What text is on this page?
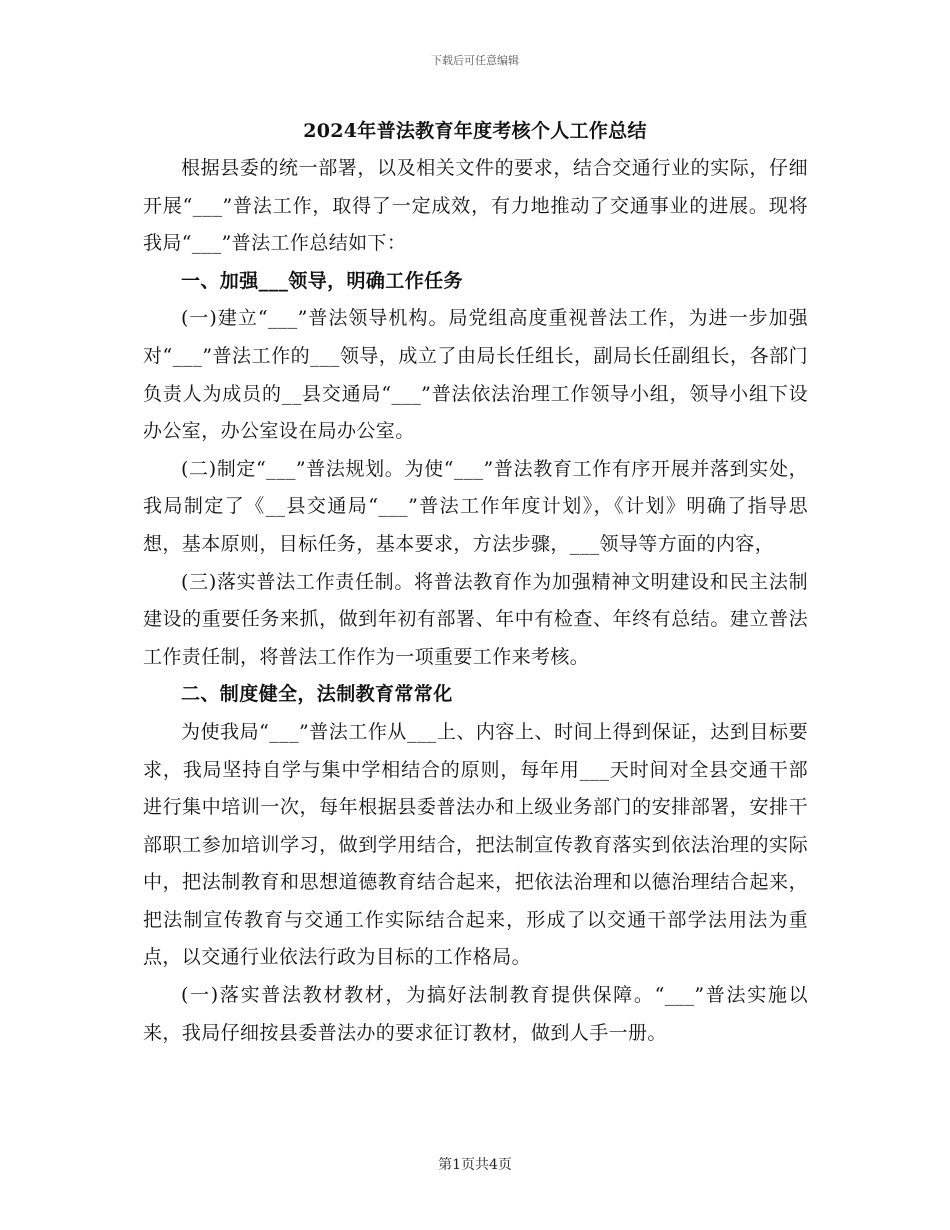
下载后可任意编辑
2024年普法教育年度考核个人工作总结

根据县委的统一部署，以及相关文件的要求，结合交通行业的实际，仔细开展“___”普法工作，取得了一定成效，有力地推动了交通事业的进展。现将我局“___”普法工作总结如下：

一、加强___领导，明确工作任务

(一)建立“___”普法领导机构。局党组高度重视普法工作，为进一步加强对“___”普法工作的___领导，成立了由局长任组长，副局长任副组长，各部门负责人为成员的__县交通局“___”普法依法治理工作领导小组，领导小组下设办公室，办公室设在局办公室。

(二)制定“___”普法规划。为使“___”普法教育工作有序开展并落到实处，我局制定了《__县交通局“___”普法工作年度计划》，《计划》明确了指导思想，基本原则，目标任务，基本要求，方法步骤，___领导等方面的内容，

(三)落实普法工作责任制。将普法教育作为加强精神文明建设和民主法制建设的重要任务来抓，做到年初有部署、年中有检查、年终有总结。建立普法工作责任制，将普法工作作为一项重要工作来考核。

二、制度健全，法制教育常常化

为使我局“___”普法工作从___上、内容上、时间上得到保证，达到目标要求，我局坚持自学与集中学相结合的原则，每年用___天时间对全县交通干部进行集中培训一次，每年根据县委普法办和上级业务部门的安排部署，安排干部职工参加培训学习，做到学用结合，把法制宣传教育落实到依法治理的实际中，把法制教育和思想道德教育结合起来，把依法治理和以德治理结合起来，把法制宣传教育与交通工作实际结合起来，形成了以交通干部学法用法为重点，以交通行业依法行政为目标的工作格局。

(一)落实普法教材教材，为搞好法制教育提供保障。“___”普法实施以来，我局仔细按县委普法办的要求征订教材，做到人手一册。

第1页共4页
